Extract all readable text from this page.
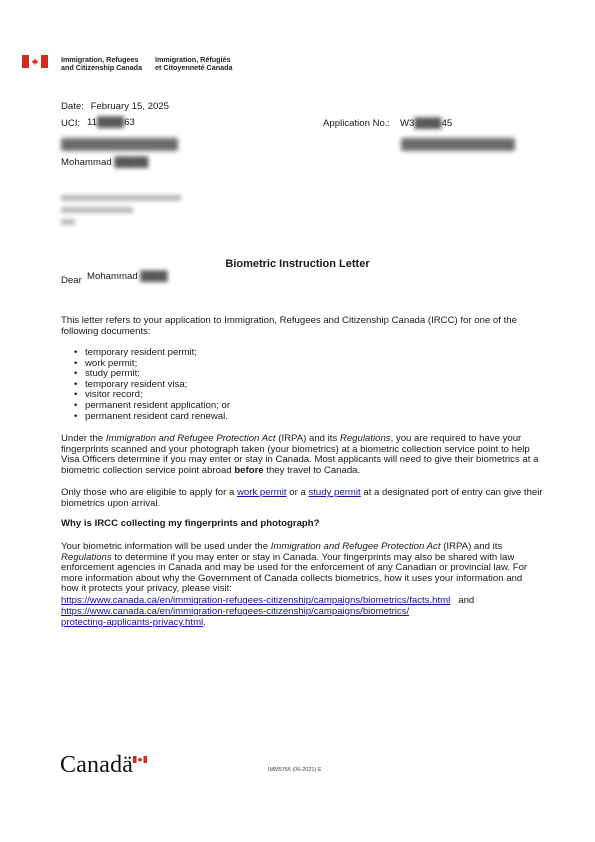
Immigration, Refugees
and Citizenship Canada
Immigration, Réfugiés
et Citoyenneté Canada
Date: February 15, 2025
UCI: 11████63	Application No.: W3████45
Mohammad █████
Biometric Instruction Letter
Dear Mohammad ████
This letter refers to your application to Immigration, Refugees and Citizenship Canada (IRCC) for one of the following documents:
• temporary resident permit;
• work permit;
• study permit;
• temporary resident visa;
• visitor record;
• permanent resident application; or
• permanent resident card renewal.
Under the Immigration and Refugee Protection Act (IRPA) and its Regulations, you are required to have your fingerprints scanned and your photograph taken (your biometrics) at a biometric collection service point to help Visa Officers determine if you may enter or stay in Canada. Most applicants will need to give their biometrics at a biometric collection service point abroad before they travel to Canada.
Only those who are eligible to apply for a work permit or a study permit at a designated port of entry can give their biometrics upon arrival.
Why is IRCC collecting my fingerprints and photograph?
Your biometric information will be used under the Immigration and Refugee Protection Act (IRPA) and its Regulations to determine if you may enter or stay in Canada. Your fingerprints may also be shared with law enforcement agencies in Canada and may be used for the enforcement of any Canadian or provincial law. For more information about why the Government of Canada collects biometrics, how it uses your information and how it protects your privacy, please visit:
https://www.canada.ca/en/immigration-refugees-citizenship/campaigns/biometrics/facts.html   and
https://www.canada.ca/en/immigration-refugees-citizenship/campaigns/biometrics/
protecting-applicants-privacy.html.
Canadä	IMM5756 (06-2021) E
